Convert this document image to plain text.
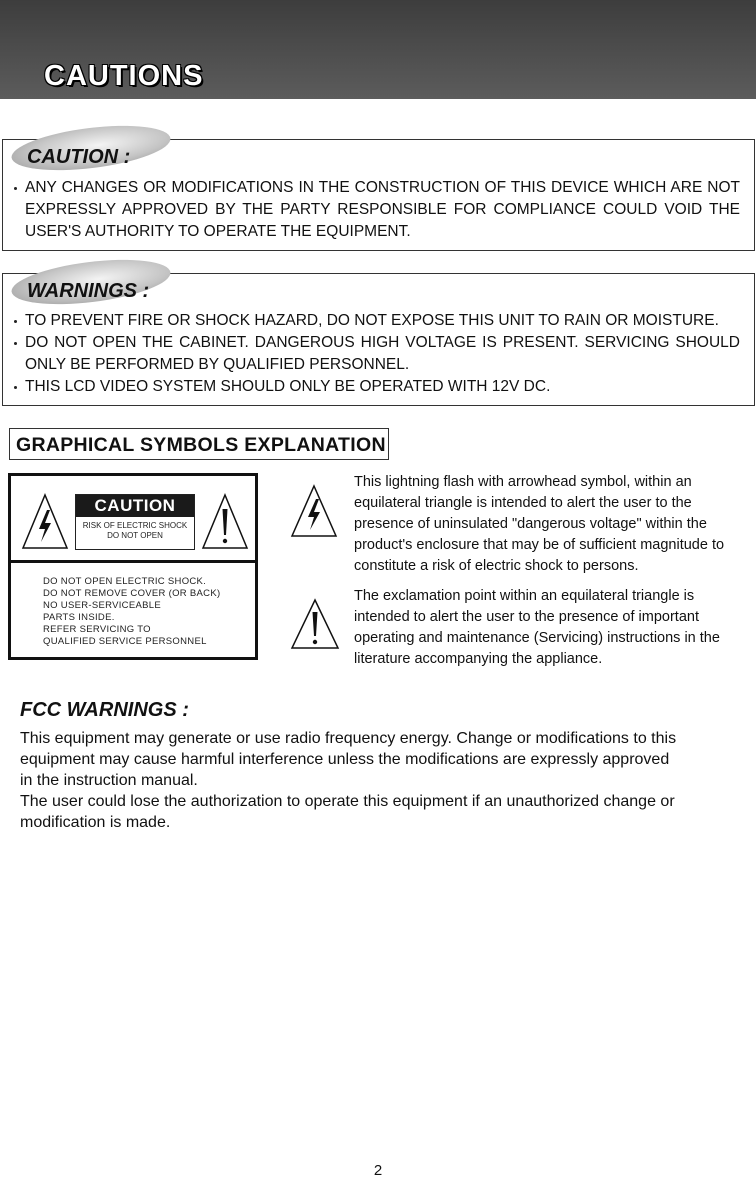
CAUTIONS
CAUTION :
ANY CHANGES OR MODIFICATIONS IN THE CONSTRUCTION OF THIS DEVICE WHICH ARE NOT EXPRESSLY APPROVED BY THE PARTY RESPONSIBLE FOR COMPLIANCE COULD VOID THE USER'S AUTHORITY TO OPERATE THE EQUIPMENT.
WARNINGS :
TO PREVENT FIRE OR SHOCK HAZARD, DO NOT EXPOSE THIS UNIT TO RAIN OR MOISTURE.
DO NOT OPEN THE CABINET. DANGEROUS HIGH VOLTAGE IS PRESENT. SERVICING SHOULD ONLY BE PERFORMED BY QUALIFIED PERSONNEL.
THIS LCD VIDEO SYSTEM SHOULD ONLY BE OPERATED WITH 12V DC.
GRAPHICAL SYMBOLS EXPLANATION
CAUTION
RISK OF ELECTRIC SHOCK
DO NOT OPEN
DO NOT OPEN ELECTRIC SHOCK.
DO NOT REMOVE COVER (OR BACK)
NO USER-SERVICEABLE
PARTS INSIDE.
REFER SERVICING TO
QUALIFIED SERVICE PERSONNEL
This lightning flash with arrowhead symbol, within an equilateral triangle is intended to alert the user to the presence of uninsulated "dangerous voltage" within the product's enclosure that may be of sufficient magnitude to constitute a risk of electric shock to persons.
The exclamation point within an equilateral triangle is intended to alert the user to the presence of important operating and maintenance (Servicing) instructions in the literature accompanying the appliance.
FCC WARNINGS :
This equipment may generate or use radio frequency energy. Change or modifications to this
equipment may cause harmful interference unless the modifications are expressly approved
in the instruction manual.
The user could lose the authorization to operate this equipment if an unauthorized change or
modification is made.
2
